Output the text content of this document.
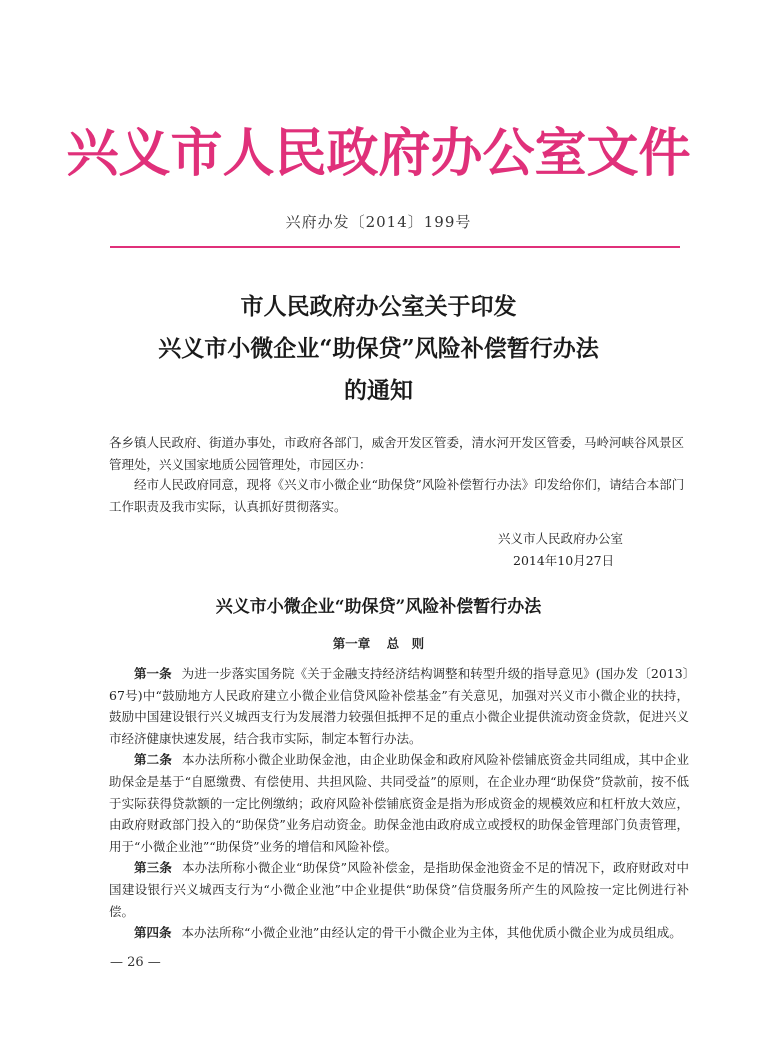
兴义市人民政府办公室文件
兴府办发〔2014〕199号
市人民政府办公室关于印发
兴义市小微企业“助保贷”风险补偿暂行办法
的通知
各乡镇人民政府、街道办事处，市政府各部门，威舍开发区管委，清水河开发区管委，马岭河峡谷风景区管理处，兴义国家地质公园管理处，市园区办：
经市人民政府同意，现将《兴义市小微企业“助保贷”风险补偿暂行办法》印发给你们，请结合本部门工作职责及我市实际，认真抓好贯彻落实。
兴义市人民政府办公室
2014年10月27日
兴义市小微企业“助保贷”风险补偿暂行办法
第一章 总　则

第一条 为进一步落实国务院《关于金融支持经济结构调整和转型升级的指导意见》(国办发〔2013〕67号)中“鼓励地方人民政府建立小微企业信贷风险补偿基金”有关意见，加强对兴义市小微企业的扶持，鼓励中国建设银行兴义城西支行为发展潜力较强但抵押不足的重点小微企业提供流动资金贷款，促进兴义市经济健康快速发展，结合我市实际，制定本暂行办法。

第二条 本办法所称小微企业助保金池，由企业助保金和政府风险补偿铺底资金共同组成，其中企业助保金是基于“自愿缴费、有偿使用、共担风险、共同受益”的原则，在企业办理“助保贷”贷款前，按不低于实际获得贷款额的一定比例缴纳；政府风险补偿铺底资金是指为形成资金的规模效应和杠杆放大效应，由政府财政部门投入的“助保贷”业务启动资金。助保金池由政府成立或授权的助保金管理部门负责管理，用于“小微企业池”“助保贷”业务的增信和风险补偿。

第三条 本办法所称小微企业“助保贷”风险补偿金，是指助保金池资金不足的情况下，政府财政对中国建设银行兴义城西支行为“小微企业池”中企业提供“助保贷”信贷服务所产生的风险按一定比例进行补偿。

第四条 本办法所称“小微企业池”由经认定的骨干小微企业为主体，其他优质小微企业为成员组成。

— 26 —
